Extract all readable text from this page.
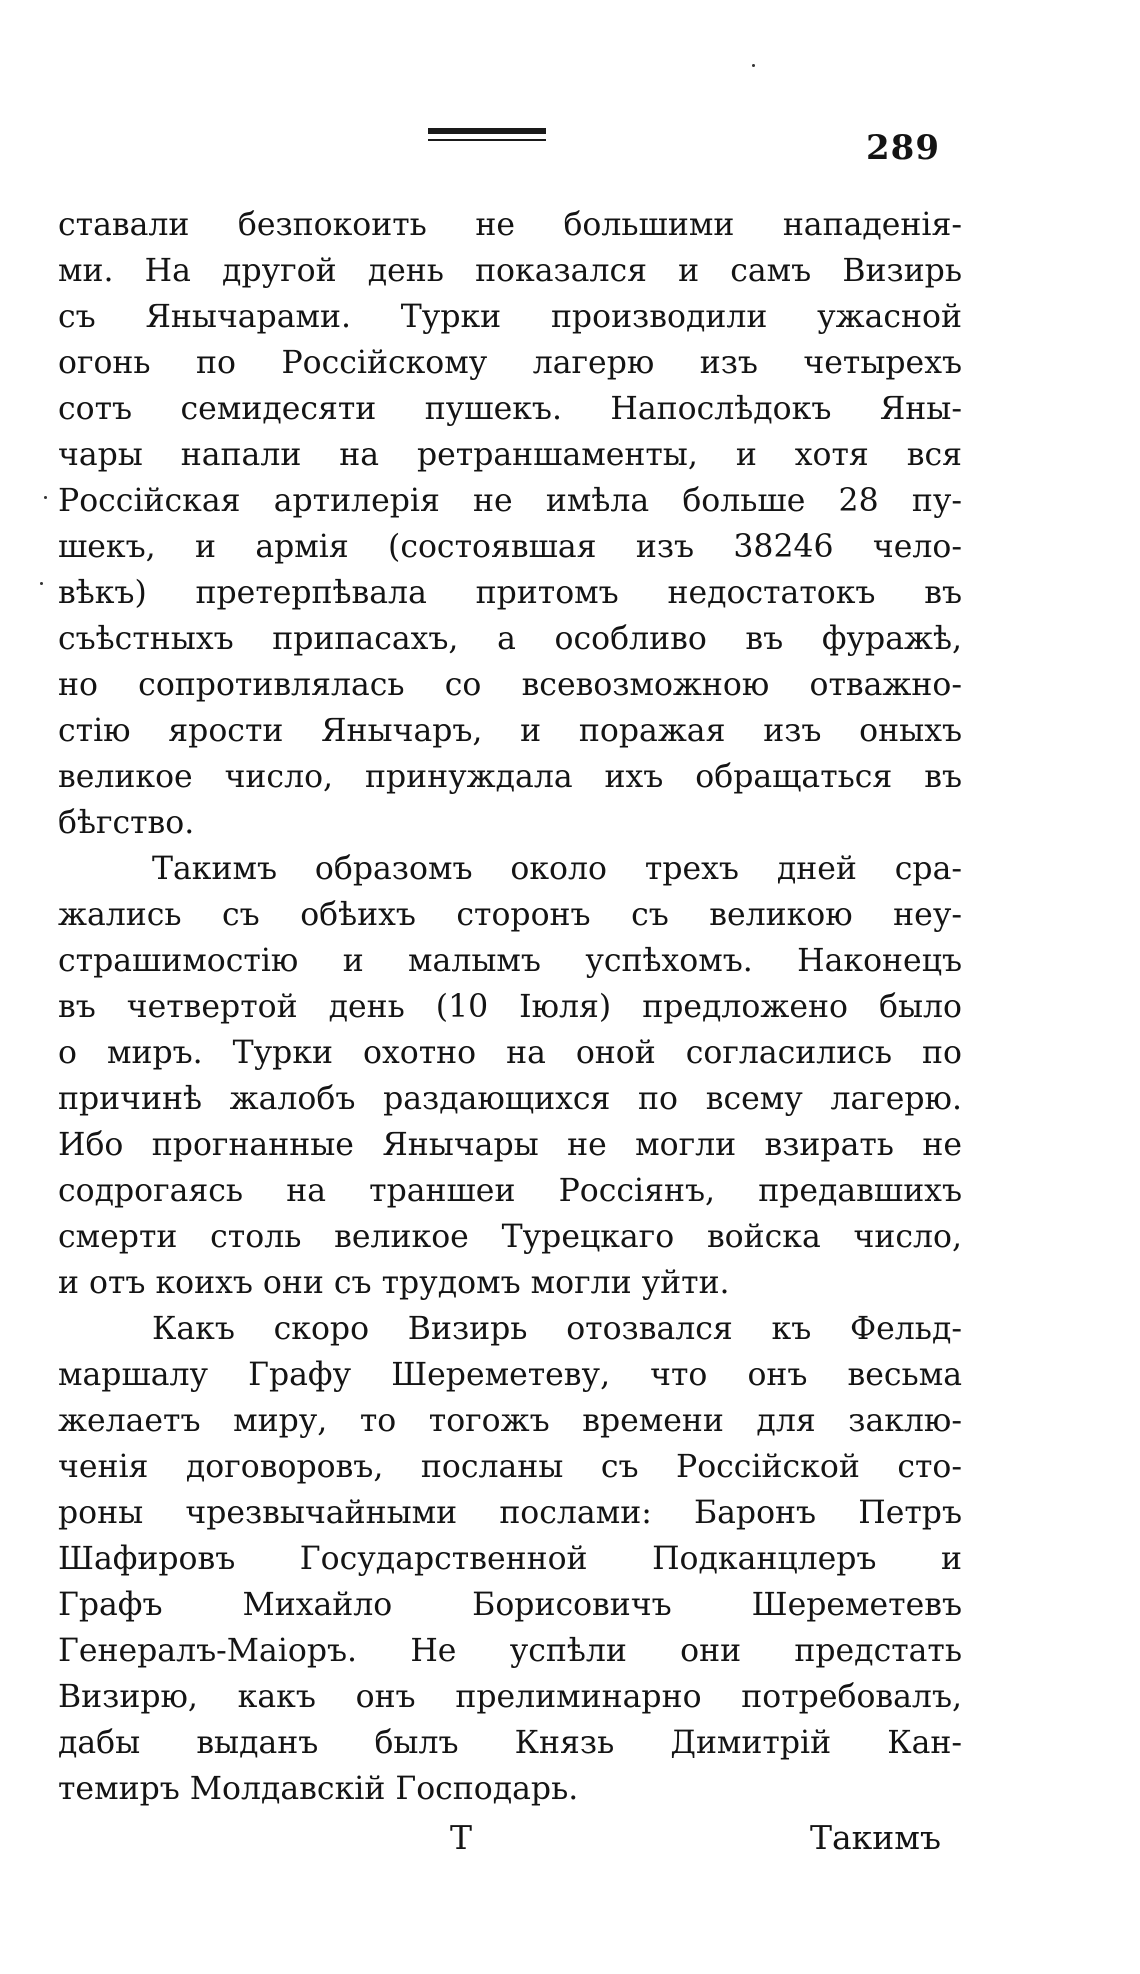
289
ставали безпокоить не большими нападенія-
ми. На другой день показался и самъ Визирь
съ Янычарами. Турки производили ужасной
огонь по Россійскому лагерю изъ четырехъ
сотъ семидесяти пушекъ. Напослѣдокъ Яны-
чары напали на ретраншаменты, и хотя вся
Россійская артилерія не имѣла больше 28 пу-
шекъ, и армія (состоявшая изъ 38246 чело-
вѣкъ) претерпѣвала притомъ недостатокъ въ
съѣстныхъ припасахъ, а особливо въ фуражѣ,
но сопротивлялась со всевозможною отважно-
стію ярости Янычаръ, и поражая изъ оныхъ
великое число, принуждала ихъ обращаться въ
бѣгство.
Такимъ образомъ около трехъ дней сра-
жались съ обѣихъ сторонъ съ великою неу-
страшимостію и малымъ успѣхомъ. Наконецъ
въ четвертой день (10 Іюля) предложено было
о миръ. Турки охотно на оной согласились по
причинѣ жалобъ раздающихся по всему лагерю.
Ибо прогнанные Янычары не могли взирать не
содрогаясь на траншеи Россіянъ, предавшихъ
смерти столь великое Турецкаго войска число,
и отъ коихъ они съ трудомъ могли уйти.
Какъ скоро Визирь отозвался къ Фельд-
маршалу Графу Шереметеву, что онъ весьма
желаетъ миру, то тогожъ времени для заклю-
ченія договоровъ, посланы съ Россійской сто-
роны чрезвычайными послами: Баронъ Петръ
Шафировъ Государственной Подканцлеръ и
Графъ Михайло Борисовичъ Шереметевъ
Генералъ-Маіоръ. Не успѣли они предстать
Визирю, какъ онъ прелиминарно потребовалъ,
дабы выданъ былъ Князь Димитрій Кан-
темиръ Молдавскій Господарь.
Т	Такимъ
